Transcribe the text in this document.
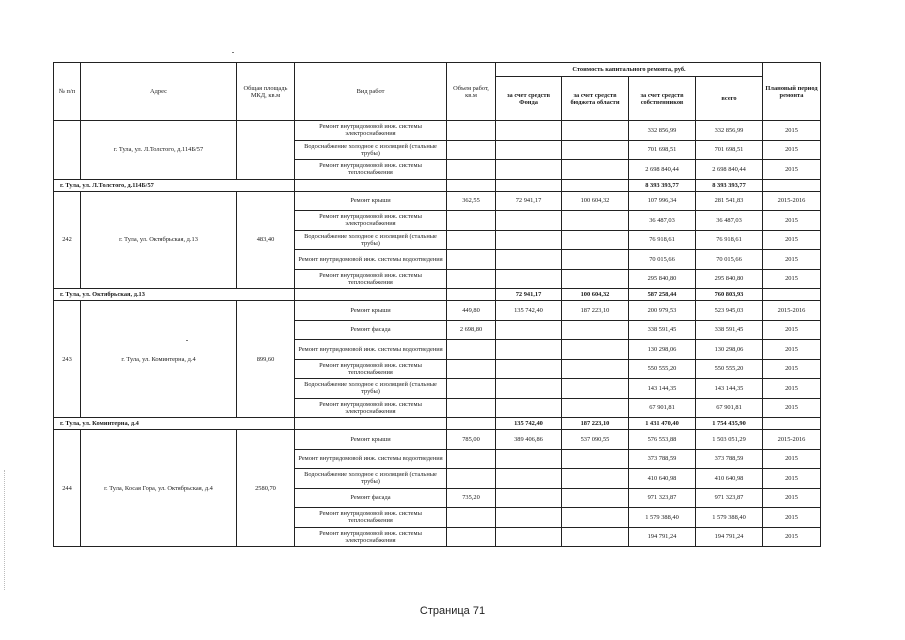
№ п/п	Адрес	Общая площадь МКД, кв.м	Вид работ	Объем работ, кв.м	Стоимость капитального ремонта, руб.				Плановый период ремонта
					за счет средств Фонда	за счет средств бюджета области	за счет средств собственников	всего	
	г. Тула, ул. Л.Толстого, д.114Б/57		Ремонт внутридомовой инж. системы электроснабжения				332 856,99	332 856,99	2015
			Водоснабжение холодное с изоляцией (стальные трубы)				701 698,51	701 698,51	2015
			Ремонт внутридомовой инж. системы теплоснабжения				2 698 840,44	2 698 840,44	2015
г. Тула, ул. Л.Толстого, д.114Б/57							8 393 393,77	8 393 393,77	
242	г. Тула, ул. Октябрьская, д.13	483,40	Ремонт крыши	362,55	72 941,17	100 604,32	107 996,34	281 541,83	2015-2016
			Ремонт внутридомовой инж. системы электроснабжения				36 487,03	36 487,03	2015
			Водоснабжение холодное с изоляцией (стальные трубы)				76 918,61	76 918,61	2015
			Ремонт внутридомовой инж. системы водоотведения				70 015,66	70 015,66	2015
			Ремонт внутридомовой инж. системы теплоснабжения				295 840,80	295 840,80	2015
г. Тула, ул. Октябрьская, д.13					72 941,17	100 604,32	587 258,44	760 803,93	
243	г. Тула, ул. Коминтерна, д.4	899,60	Ремонт крыши	449,80	135 742,40	187 223,10	200 979,53	523 945,03	2015-2016
			Ремонт фасада	2 698,80			338 591,45	338 591,45	2015
			Ремонт внутридомовой инж. системы водоотведения				130 298,06	130 298,06	2015
			Ремонт внутридомовой инж. системы теплоснабжения				550 555,20	550 555,20	2015
			Водоснабжение холодное с изоляцией (стальные трубы)				143 144,35	143 144,35	2015
			Ремонт внутридомовой инж. системы электроснабжения				67 901,81	67 901,81	2015
г. Тула, ул. Коминтерна, д.4					135 742,40	187 223,10	1 431 470,40	1 754 435,90	
244	г. Тула, Косая Гора, ул. Октябрьская, д.4	2580,70	Ремонт крыши	785,00	389 406,86	537 090,55	576 553,88	1 503 051,29	2015-2016
			Ремонт внутридомовой инж. системы водоотведения				373 788,59	373 788,59	2015
			Водоснабжение холодное с изоляцией (стальные трубы)				410 640,98	410 640,98	2015
			Ремонт фасада	735,20			971 323,87	971 323,87	2015
			Ремонт внутридомовой инж. системы теплоснабжения				1 579 388,40	1 579 388,40	2015
			Ремонт внутридомовой инж. системы электроснабжения				194 791,24	194 791,24	2015
Страница 71
